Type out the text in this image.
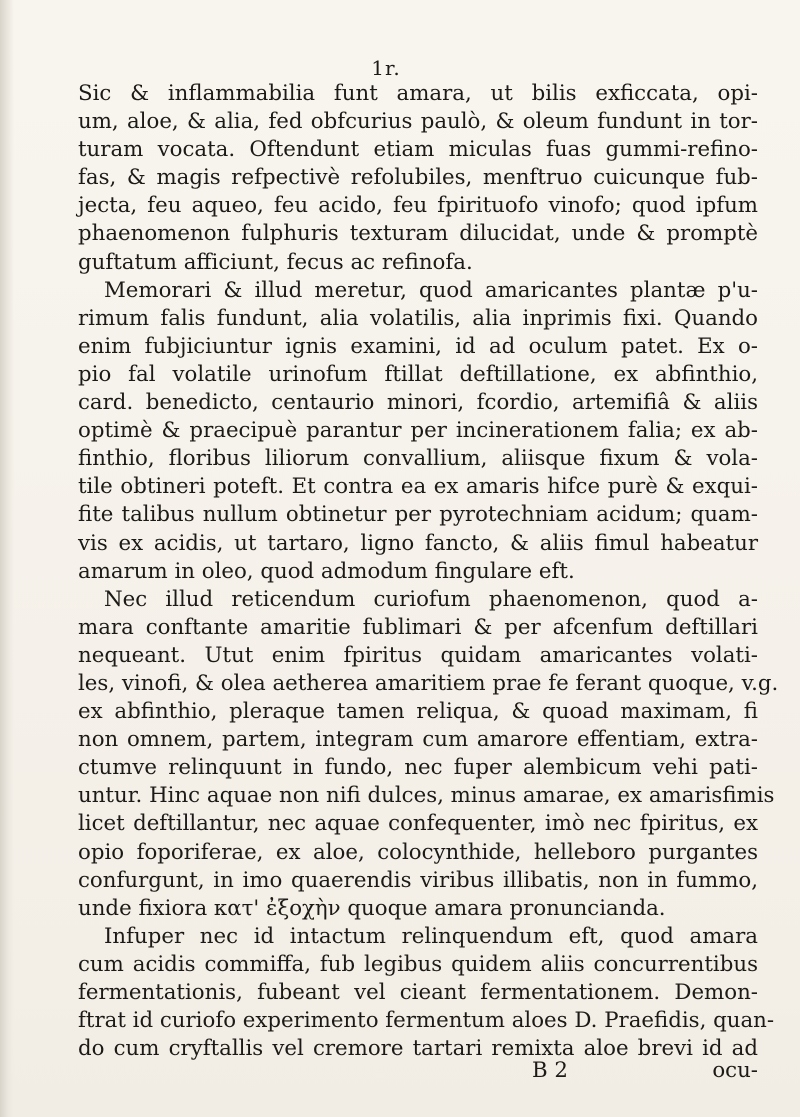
1r.
Sic & inflammabilia funt amara, ut bilis exficcata, opi-
um, aloe, & alia, fed obfcurius paulò, & oleum fundunt in tor-
turam vocata. Oftendunt etiam miculas fuas gummi-refino-
fas, & magis refpectivè refolubiles, menftruo cuicunque fub-
jecta, feu aqueo, feu acido, feu fpirituofo vinofo; quod ipfum
phaenomenon fulphuris texturam dilucidat, unde & promptè
guftatum afficiunt, fecus ac refinofa.
Memorari & illud meretur, quod amaricantes plantæ p'u-
rimum falis fundunt, alia volatilis, alia inprimis fixi. Quando
enim fubjiciuntur ignis examini, id ad oculum patet. Ex o-
pio fal volatile urinofum ftillat deftillatione, ex abfinthio,
card. benedicto, centaurio minori, fcordio, artemifiâ & aliis
optimè & praecipuè parantur per incinerationem falia; ex ab-
finthio, floribus liliorum convallium, aliisque fixum & vola-
tile obtineri poteft. Et contra ea ex amaris hifce purè & exqui-
fite talibus nullum obtinetur per pyrotechniam acidum; quam-
vis ex acidis, ut tartaro, ligno fancto, & aliis fimul habeatur
amarum in oleo, quod admodum fingulare eft.
Nec illud reticendum curiofum phaenomenon, quod a-
mara conftante amaritie fublimari & per afcenfum deftillari
nequeant. Utut enim fpiritus quidam amaricantes volati-
les, vinofi, & olea aetherea amaritiem prae fe ferant quoque, v.g.
ex abfinthio, pleraque tamen reliqua, & quoad maximam, fi
non omnem, partem, integram cum amarore effentiam, extra-
ctumve relinquunt in fundo, nec fuper alembicum vehi pati-
untur. Hinc aquae non nifi dulces, minus amarae, ex amarisfimis
licet deftillantur, nec aquae confequenter, imò nec fpiritus, ex
opio foporiferae, ex aloe, colocynthide, helleboro purgantes
confurgunt, in imo quaerendis viribus illibatis, non in fummo,
unde fixiora κατ' ἐξοχὴν quoque amara pronuncianda.
Infuper nec id intactum relinquendum eft, quod amara
cum acidis commiffa, fub legibus quidem aliis concurrentibus
fermentationis, fubeant vel cieant fermentationem. Demon-
ftrat id curiofo experimento fermentum aloes D. Praefidis, quan-
do cum cryftallis vel cremore tartari remixta aloe brevi id ad
B 2	ocu-
